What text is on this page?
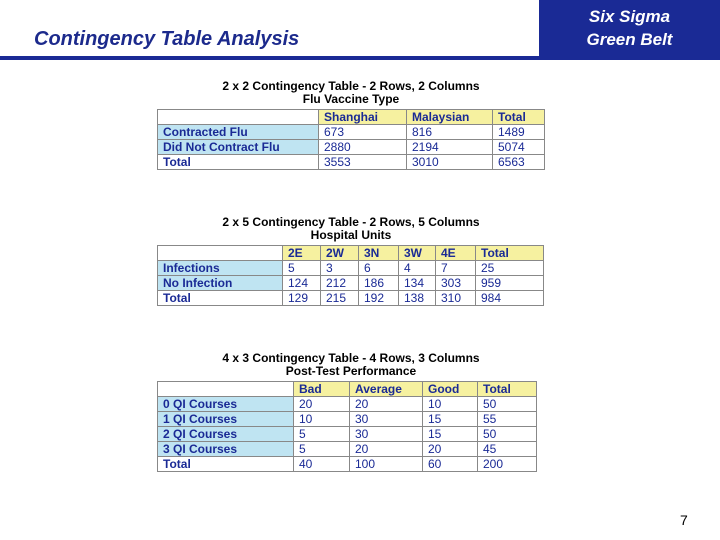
Contingency Table Analysis
Six Sigma
Green Belt
2 x 2 Contingency Table - 2 Rows, 2 Columns
Flu Vaccine Type
	Shanghai	Malaysian	Total
Contracted Flu	673	816	1489
Did Not Contract Flu	2880	2194	5074
Total	3553	3010	6563
2 x 5 Contingency Table - 2 Rows, 5 Columns
Hospital Units
	2E	2W	3N	3W	4E	Total
Infections	5	3	6	4	7	25
No Infection	124	212	186	134	303	959
Total	129	215	192	138	310	984
4 x 3 Contingency Table - 4 Rows, 3 Columns
Post-Test Performance
	Bad	Average	Good	Total
0 QI Courses	20	20	10	50
1 QI Courses	10	30	15	55
2 QI Courses	5	30	15	50
3 QI Courses	5	20	20	45
Total	40	100	60	200
7
